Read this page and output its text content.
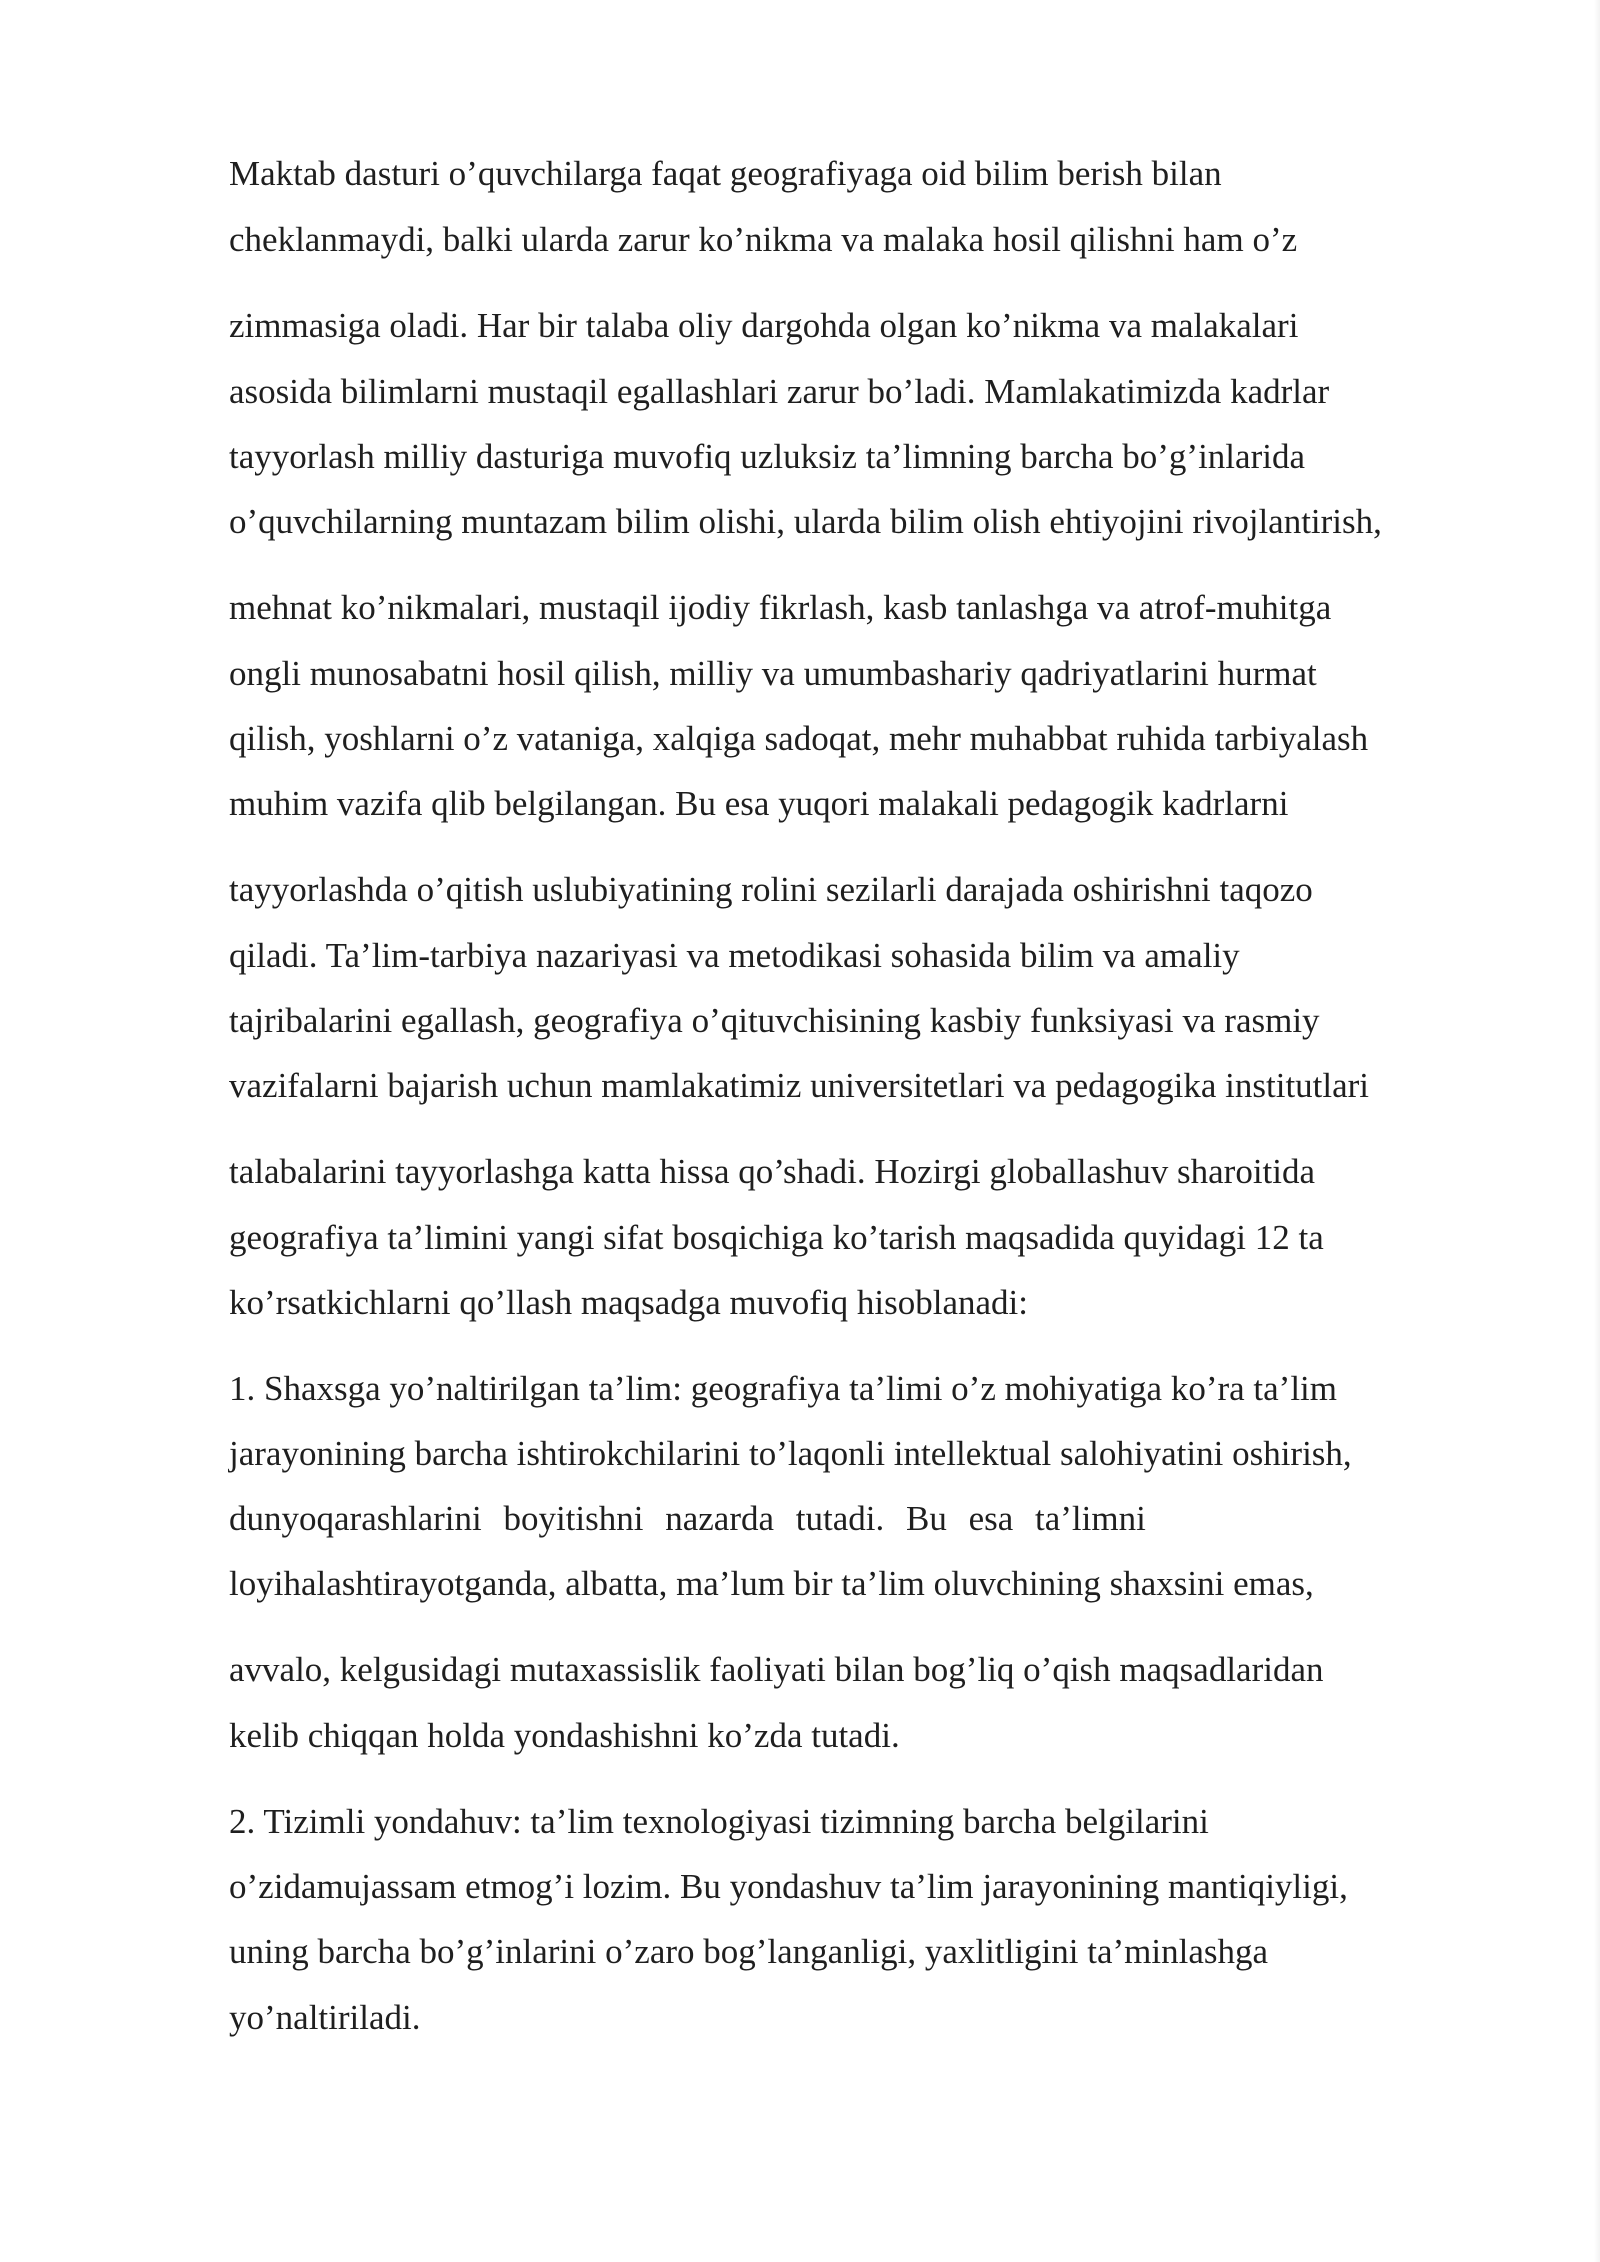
Maktab dasturi o’quvchilarga faqat geografiyaga oid bilim berish bilan

cheklanmaydi, balki ularda zarur ko’nikma va malaka hosil qilishni ham o’z

zimmasiga oladi. Har bir talaba oliy dargohda olgan ko’nikma va malakalari

asosida bilimlarni mustaqil egallashlari zarur bo’ladi. Mamlakatimizda kadrlar

tayyorlash milliy dasturiga muvofiq uzluksiz ta’limning barcha bo’g’inlarida

o’quvchilarning muntazam bilim olishi, ularda bilim olish ehtiyojini rivojlantirish,

mehnat ko’nikmalari, mustaqil ijodiy fikrlash, kasb tanlashga va atrof-muhitga

ongli munosabatni hosil qilish, milliy va umumbashariy qadriyatlarini hurmat

qilish, yoshlarni o’z vataniga, xalqiga sadoqat, mehr muhabbat ruhida tarbiyalash

muhim vazifa qlib belgilangan. Bu esa yuqori malakali pedagogik kadrlarni

tayyorlashda o’qitish uslubiyatining rolini sezilarli darajada oshirishni taqozo

qiladi. Ta’lim-tarbiya nazariyasi va metodikasi sohasida bilim va amaliy

tajribalarini egallash, geografiya o’qituvchisining kasbiy funksiyasi va rasmiy

vazifalarni bajarish uchun mamlakatimiz universitetlari va pedagogika institutlari

talabalarini tayyorlashga katta hissa qo’shadi. Hozirgi globallashuv sharoitida

geografiya ta’limini yangi sifat bosqichiga ko’tarish maqsadida quyidagi 12 ta

ko’rsatkichlarni qo’llash maqsadga muvofiq hisoblanadi:

1. Shaxsga yo’naltirilgan ta’lim: geografiya ta’limi o’z mohiyatiga ko’ra ta’lim

jarayonining barcha ishtirokchilarini to’laqonli intellektual salohiyatini oshirish,

dunyoqarashlarini boyitishni nazarda tutadi. Bu esa ta’limni

loyihalashtirayotganda, albatta, ma’lum bir ta’lim oluvchining shaxsini emas,

avvalo, kelgusidagi mutaxassislik faoliyati bilan bog’liq o’qish maqsadlaridan

kelib chiqqan holda yondashishni ko’zda tutadi.

2. Tizimli yondahuv: ta’lim texnologiyasi tizimning barcha belgilarini

o’zidamujassam etmog’i lozim. Bu yondashuv ta’lim jarayonining mantiqiyligi,

uning barcha bo’g’inlarini o’zaro bog’langanligi, yaxlitligini ta’minlashga

yo’naltiriladi.
